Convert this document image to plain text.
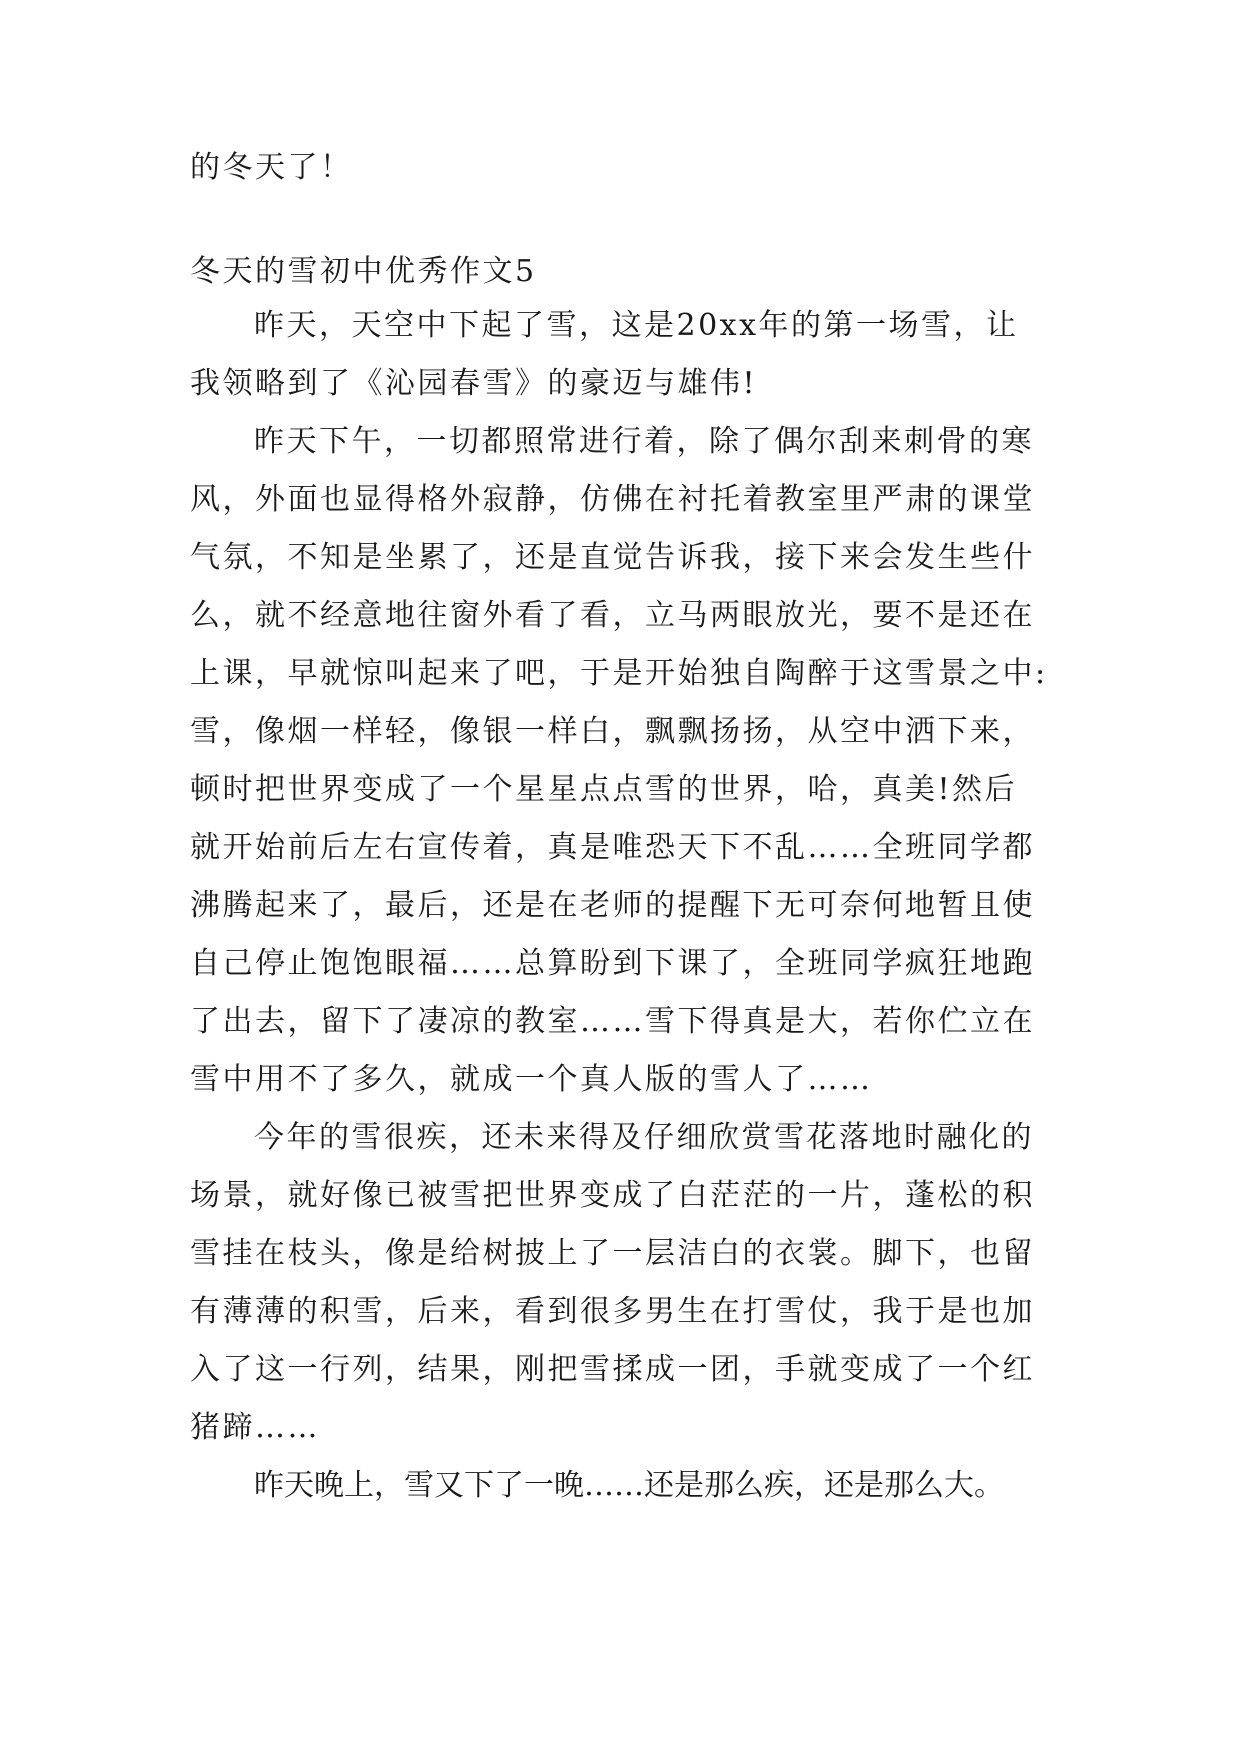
的冬天了！
冬天的雪初中优秀作文5
昨天，天空中下起了雪，这是20xx年的第一场雪，让
我领略到了《沁园春雪》的豪迈与雄伟!
昨天下午，一切都照常进行着，除了偶尔刮来刺骨的寒
风，外面也显得格外寂静，仿佛在衬托着教室里严肃的课堂
气氛，不知是坐累了，还是直觉告诉我，接下来会发生些什
么，就不经意地往窗外看了看，立马两眼放光，要不是还在
上课，早就惊叫起来了吧，于是开始独自陶醉于这雪景之中:
雪，像烟一样轻，像银一样白，飘飘扬扬，从空中洒下来，
顿时把世界变成了一个星星点点雪的世界，哈，真美!然后
就开始前后左右宣传着，真是唯恐天下不乱……全班同学都
沸腾起来了，最后，还是在老师的提醒下无可奈何地暂且使
自己停止饱饱眼福……总算盼到下课了，全班同学疯狂地跑
了出去，留下了凄凉的教室……雪下得真是大，若你伫立在
雪中用不了多久，就成一个真人版的雪人了……
今年的雪很疾，还未来得及仔细欣赏雪花落地时融化的
场景，就好像已被雪把世界变成了白茫茫的一片，蓬松的积
雪挂在枝头，像是给树披上了一层洁白的衣裳。脚下，也留
有薄薄的积雪，后来，看到很多男生在打雪仗，我于是也加
入了这一行列，结果，刚把雪揉成一团，手就变成了一个红
猪蹄……
昨天晚上，雪又下了一晚……还是那么疾，还是那么大。
